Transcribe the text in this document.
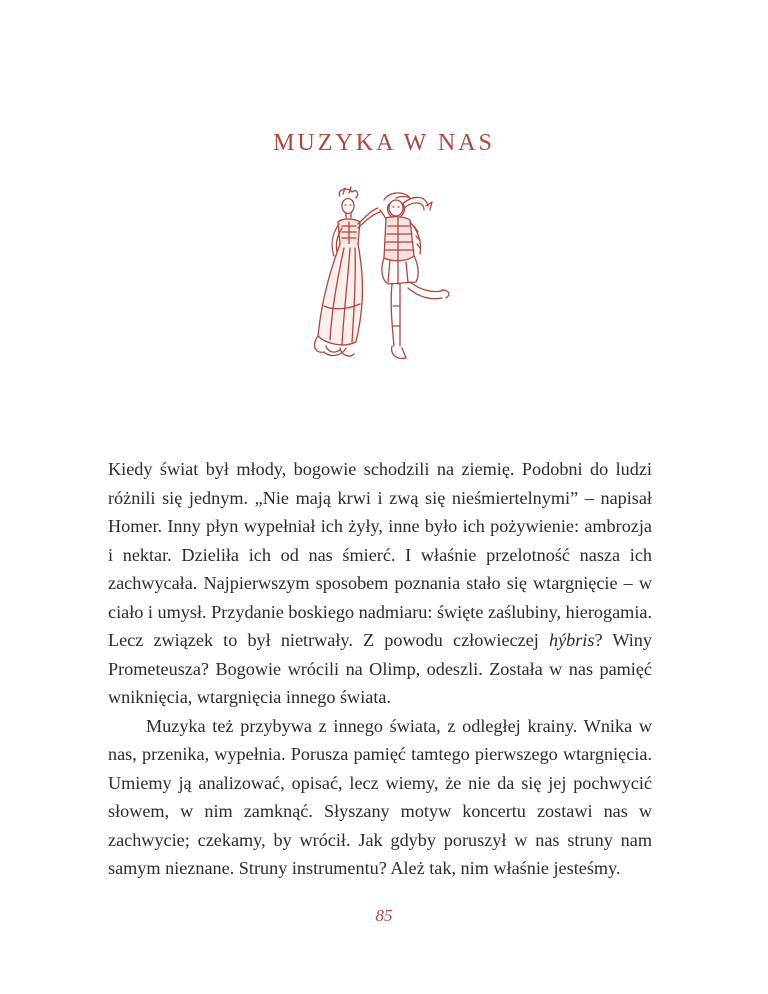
MUZYKA W NAS

Kiedy świat był młody, bogowie schodzili na ziemię. Podobni do ludzi różnili się jednym. „Nie mają krwi i zwą się nieśmiertelnymi” – napisał Homer. Inny płyn wypełniał ich żyły, inne było ich pożywienie: ambrozja i nektar. Dzieliła ich od nas śmierć. I właśnie przelotność nasza ich zachwycała. Najpierwszym sposobem poznania stało się wtargnięcie – w ciało i umysł. Przydanie boskiego nadmiaru: święte zaślubiny, hierogamia. Lecz związek to był nietrwały. Z powodu człowieczej hýbris? Winy Prometeusza? Bogowie wrócili na Olimp, odeszli. Została w nas pamięć wniknięcia, wtargnięcia innego świata.

Muzyka też przybywa z innego świata, z odległej krainy. Wnika w nas, przenika, wypełnia. Porusza pamięć tamtego pierwszego wtargnięcia. Umiemy ją analizować, opisać, lecz wiemy, że nie da się jej pochwycić słowem, w nim zamknąć. Słyszany motyw koncertu zostawi nas w zachwycie; czekamy, by wrócił. Jak gdyby poruszył w nas struny nam samym nieznane. Struny instrumentu? Ależ tak, nim właśnie jesteśmy.

85
